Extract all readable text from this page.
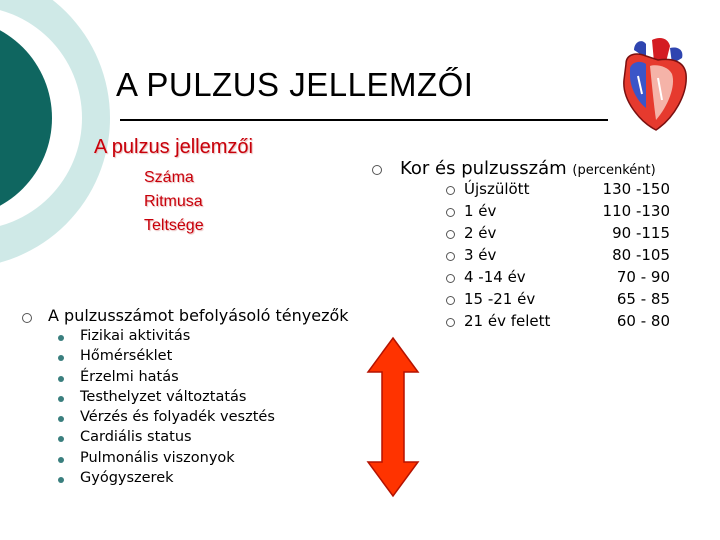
A PULZUS JELLEMZŐI
A pulzus jellemzői
Száma
Ritmusa
Teltsége
Kor és pulzusszám (percenként)
Újszülött	130 -150
1 év	110 -130
2 év	90 -115
3 év	80 -105
4 -14 év	70 - 90
15 -21 év	65 - 85
21 év felett	60 - 80
A pulzusszámot befolyásoló tényezők
Fizikai aktivitás
Hőmérséklet
Érzelmi hatás
Testhelyzet változtatás
Vérzés és folyadék vesztés
Cardiális status
Pulmonális viszonyok
Gyógyszerek
